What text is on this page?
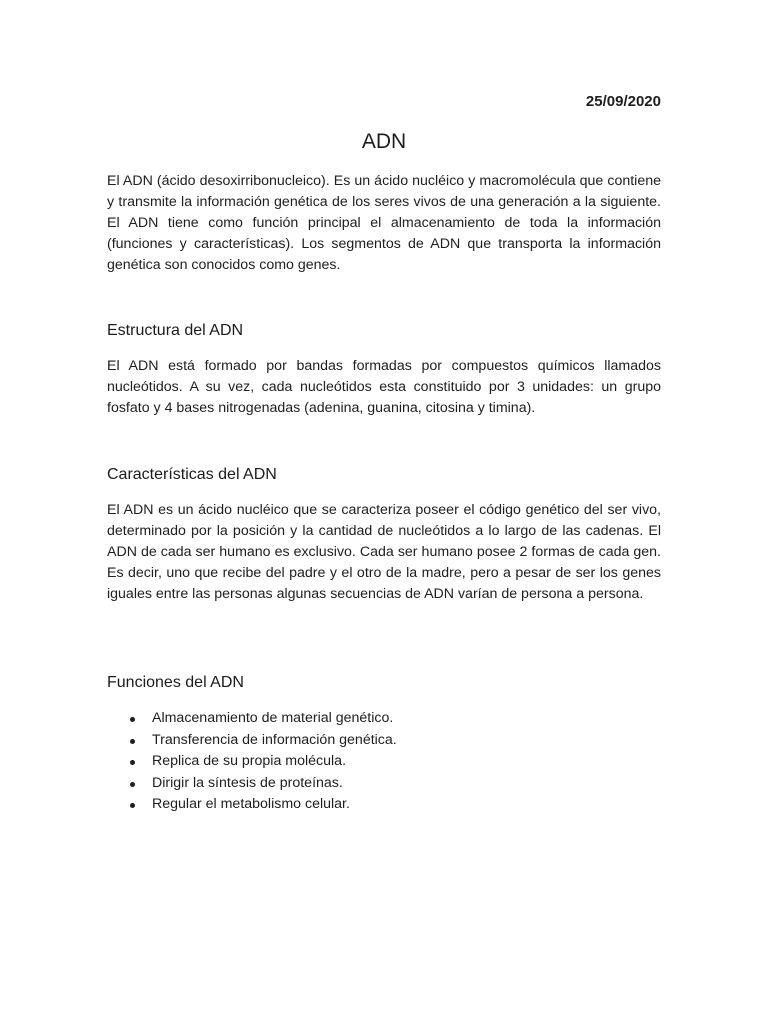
25/09/2020
ADN

El ADN (ácido desoxirribonucleico). Es un ácido nucléico y macromolécula que contiene y transmite la información genética de los seres vivos de una generación a la siguiente. El ADN tiene como función principal el almacenamiento de toda la información (funciones y características). Los segmentos de ADN que transporta la información genética son conocidos como genes.

Estructura del ADN

El ADN está formado por bandas formadas por compuestos químicos llamados nucleótidos. A su vez, cada nucleótidos esta constituido por 3 unidades: un grupo fosfato y 4 bases nitrogenadas (adenina, guanina, citosina y timina).

Características del ADN

El ADN es un ácido nucléico que se caracteriza poseer el código genético del ser vivo, determinado por la posición y la cantidad de nucleótidos a lo largo de las cadenas. El ADN de cada ser humano es exclusivo. Cada ser humano posee 2 formas de cada gen. Es decir, uno que recibe del padre y el otro de la madre, pero a pesar de ser los genes iguales entre las personas algunas secuencias de ADN varían de persona a persona.

Funciones del ADN
Almacenamiento de material genético.
Transferencia de información genética.
Replica de su propia molécula.
Dirigir la síntesis de proteínas.
Regular el metabolismo celular.
